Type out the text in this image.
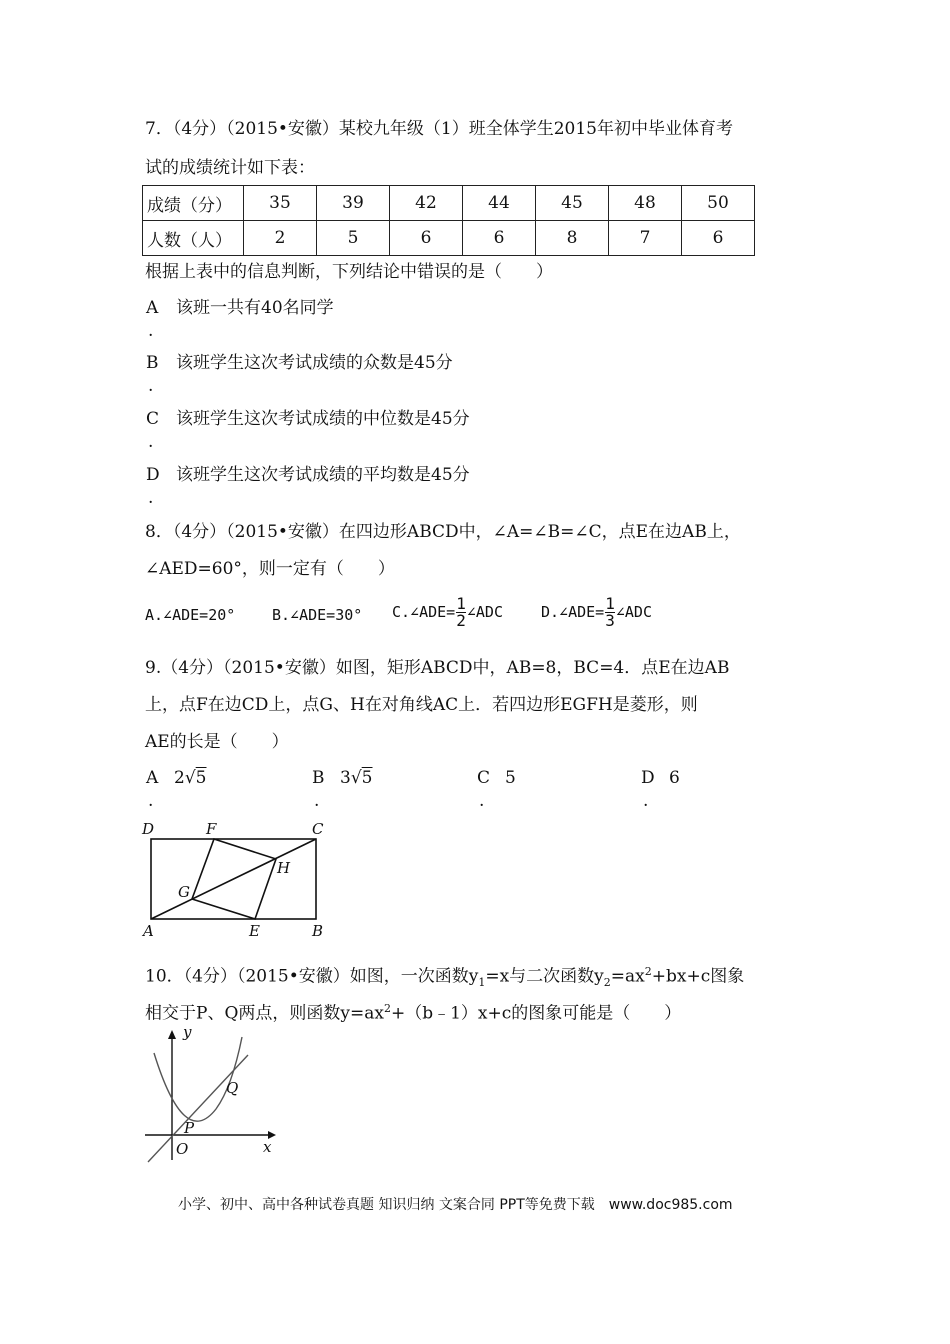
7．（4分）（2015•安徽）某校九年级（1）班全体学生2015年初中毕业体育考
试的成绩统计如下表：
成绩（分）	35	39	42	44	45	48	50
人数（人）	2	5	6	6	8	7	6
根据上表中的信息判断，下列结论中错误的是（　　）
A
.
该班一共有40名同学
B
.
该班学生这次考试成绩的众数是45分
C
.
该班学生这次考试成绩的中位数是45分
D
.
该班学生这次考试成绩的平均数是45分
8．（4分）（2015•安徽）在四边形ABCD中，∠A=∠B=∠C，点E在边AB上，
∠AED=60°，则一定有（　　）
A.∠ADE=20° B.∠ADE=30° C.∠ADE= $\frac{1}{2}$ ∠ADC	D.∠ADE= $\frac{1}{3}$ ∠ADC
9.（4分）（2015•安徽）如图，矩形ABCD中，AB=8，BC=4．点E在边AB
上，点F在边CD上，点G、H在对角线AC上．若四边形EGFH是菱形，则
AE的长是（　　）
A
.
2√5	B
.
3√5	C
.
5	D
.
6
D	F	C
G
H
A	E	B
10．（4分）（2015•安徽）如图，一次函数$y_1=x$与二次函数$y_2=ax^2+bx+c$图象
相交于P、Q两点，则函数$y=ax^2+(b﹣1)x+c$的图象可能是（　　）
y
x
O
P
Q
小学、初中、高中各种试卷真题 知识归纳 文案合同 PPT等免费下载　www.doc985.com
